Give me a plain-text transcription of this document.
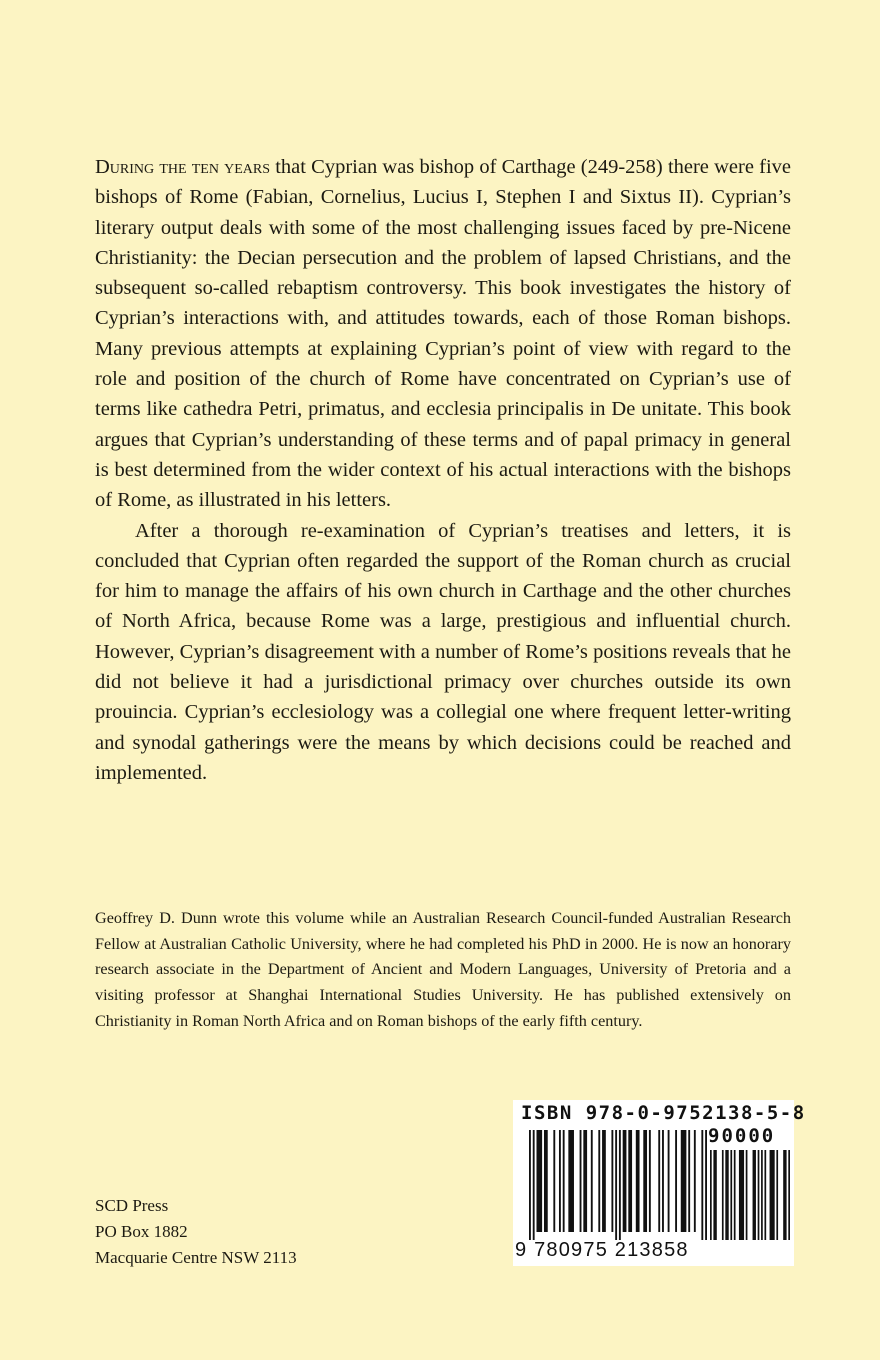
During the ten years that Cyprian was bishop of Carthage (249-258) there were five bishops of Rome (Fabian, Cornelius, Lucius I, Stephen I and Sixtus II). Cyprian’s literary output deals with some of the most challenging issues faced by pre-Nicene Christianity: the Decian persecution and the problem of lapsed Christians, and the subsequent so-called rebaptism controversy. This book investigates the history of Cyprian’s interactions with, and attitudes towards, each of those Roman bishops. Many previous attempts at explaining Cyprian’s point of view with regard to the role and position of the church of Rome have concentrated on Cyprian’s use of terms like cathedra Petri, primatus, and ecclesia principalis in De unitate. This book argues that Cyprian’s understanding of these terms and of papal primacy in general is best determined from the wider context of his actual interactions with the bishops of Rome, as illustrated in his letters.

After a thorough re-examination of Cyprian’s treatises and letters, it is concluded that Cyprian often regarded the support of the Roman church as crucial for him to manage the affairs of his own church in Carthage and the other churches of North Africa, because Rome was a large, prestigious and influential church. However, Cyprian’s disagreement with a number of Rome’s positions reveals that he did not believe it had a jurisdictional primacy over churches outside its own prouincia. Cyprian’s ecclesiology was a collegial one where frequent letter-writing and synodal gatherings were the means by which decisions could be reached and implemented.

Geoffrey D. Dunn wrote this volume while an Australian Research Council-funded Australian Research Fellow at Australian Catholic University, where he had completed his PhD in 2000. He is now an honorary research associate in the Department of Ancient and Modern Languages, University of Pretoria and a visiting professor at Shanghai International Studies University. He has published extensively on Christianity in Roman North Africa and on Roman bishops of the early fifth century.

SCD Press
PO Box 1882
Macquarie Centre NSW 2113
ISBN 978-0-9752138-5-8
90000
9 780975 213858
